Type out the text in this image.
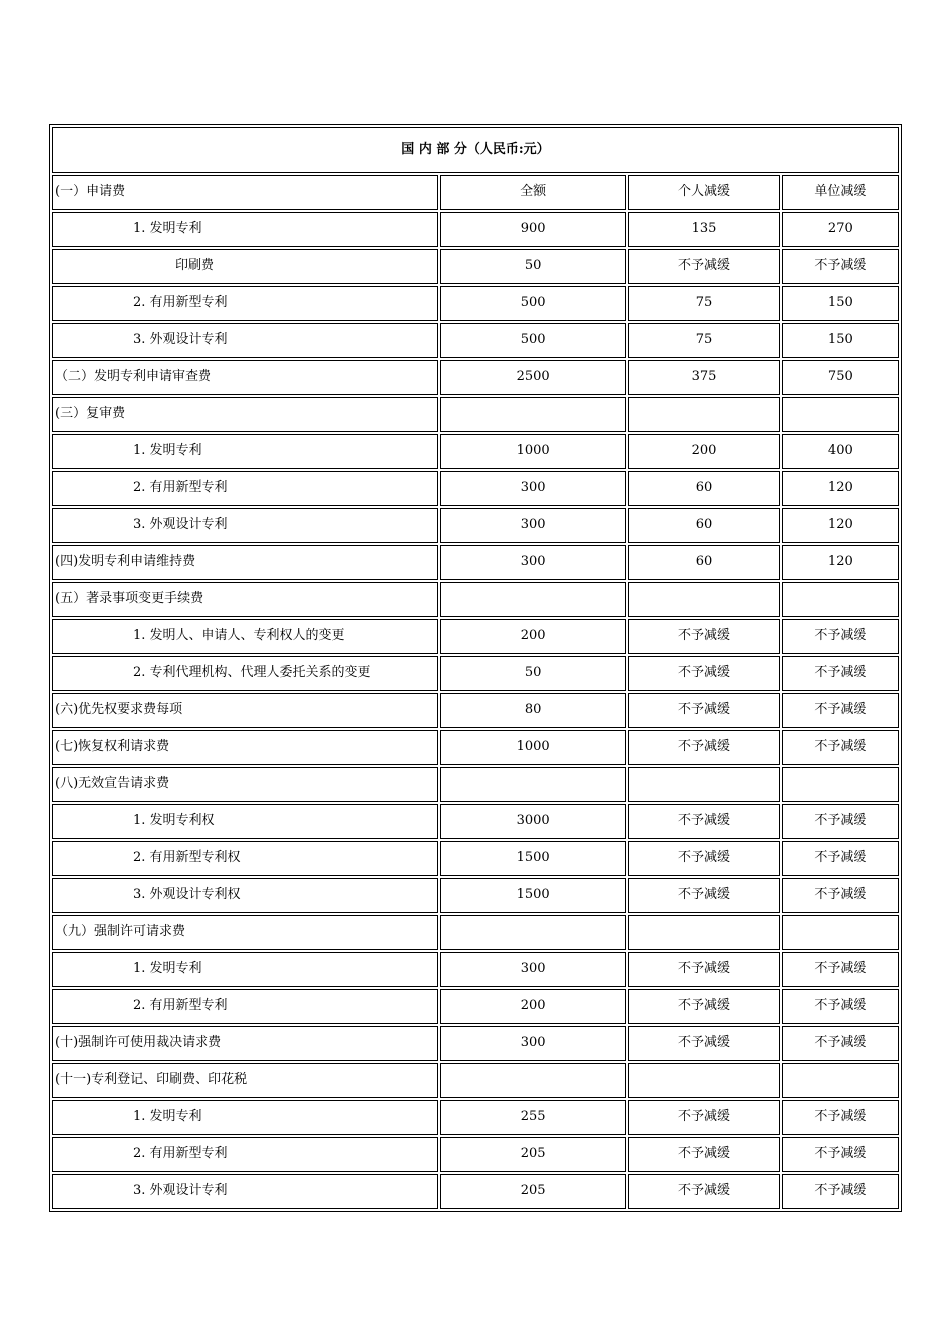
国 内 部 分（人民币:元）			
(一）申请费	全额	个人减缓	单位减缓
1. 发明专利	900	135	270
印刷费	50	不予减缓	不予减缓
2. 有用新型专利	500	75	150
3. 外观设计专利	500	75	150
（二）发明专利申请审查费	2500	375	750
(三）复审费			
1. 发明专利	1000	200	400
2. 有用新型专利	300	60	120
3. 外观设计专利	300	60	120
(四)发明专利申请维持费	300	60	120
(五）著录事项变更手续费			
1. 发明人、申请人、专利权人的变更	200	不予减缓	不予减缓
2. 专利代理机构、代理人委托关系的变更	50	不予减缓	不予减缓
(六)优先权要求费每项	80	不予减缓	不予减缓
(七)恢复权利请求费	1000	不予减缓	不予减缓
(八)无效宣告请求费			
1. 发明专利权	3000	不予减缓	不予减缓
2. 有用新型专利权	1500	不予减缓	不予减缓
3. 外观设计专利权	1500	不予减缓	不予减缓
（九）强制许可请求费			
1. 发明专利	300	不予减缓	不予减缓
2. 有用新型专利	200	不予减缓	不予减缓
(十)强制许可使用裁决请求费	300	不予减缓	不予减缓
(十一)专利登记、印刷费、印花税			
1. 发明专利	255	不予减缓	不予减缓
2. 有用新型专利	205	不予减缓	不予减缓
3. 外观设计专利	205	不予减缓	不予减缓
